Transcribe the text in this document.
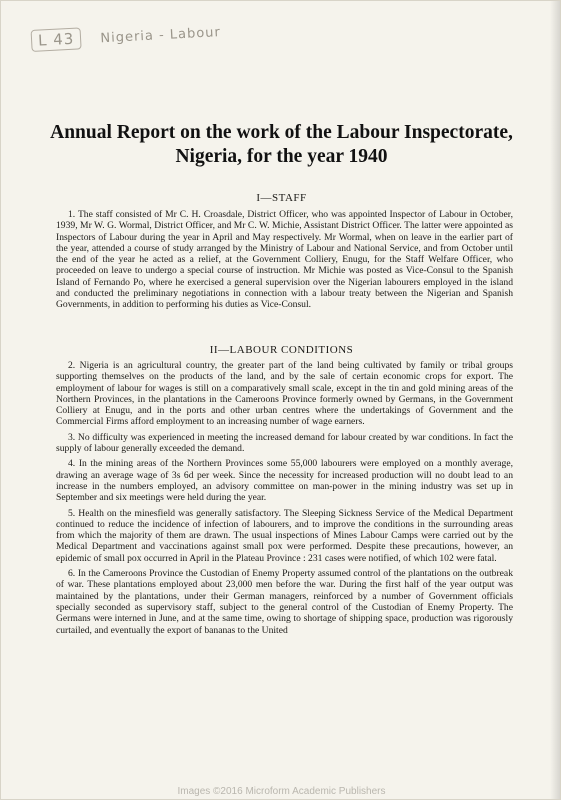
L 43 Nigeria - Labour
Annual Report on the work of the Labour Inspectorate, Nigeria, for the year 1940
I—STAFF

1. The staff consisted of Mr C. H. Croasdale, District Officer, who was appointed Inspector of Labour in October, 1939, Mr W. G. Wormal, District Officer, and Mr C. W. Michie, Assistant District Officer. The latter were appointed as Inspectors of Labour during the year in April and May respectively. Mr Wormal, when on leave in the earlier part of the year, attended a course of study arranged by the Ministry of Labour and National Service, and from October until the end of the year he acted as a relief, at the Government Colliery, Enugu, for the Staff Welfare Officer, who proceeded on leave to undergo a special course of instruction. Mr Michie was posted as Vice-Consul to the Spanish Island of Fernando Po, where he exercised a general supervision over the Nigerian labourers employed in the island and conducted the preliminary negotiations in connection with a labour treaty between the Nigerian and Spanish Governments, in addition to performing his duties as Vice-Consul.

II—LABOUR CONDITIONS

2. Nigeria is an agricultural country, the greater part of the land being cultivated by family or tribal groups supporting themselves on the products of the land, and by the sale of certain economic crops for export. The employment of labour for wages is still on a comparatively small scale, except in the tin and gold mining areas of the Northern Provinces, in the plantations in the Cameroons Province formerly owned by Germans, in the Government Colliery at Enugu, and in the ports and other urban centres where the undertakings of Government and the Commercial Firms afford employment to an increasing number of wage earners.

3. No difficulty was experienced in meeting the increased demand for labour created by war conditions. In fact the supply of labour generally exceeded the demand.

4. In the mining areas of the Northern Provinces some 55,000 labourers were employed on a monthly average, drawing an average wage of 3s 6d per week. Since the necessity for increased production will no doubt lead to an increase in the numbers employed, an advisory committee on man-power in the mining industry was set up in September and six meetings were held during the year.

5. Health on the minesfield was generally satisfactory. The Sleeping Sickness Service of the Medical Department continued to reduce the incidence of infection of labourers, and to improve the conditions in the surrounding areas from which the majority of them are drawn. The usual inspections of Mines Labour Camps were carried out by the Medical Department and vaccinations against small pox were performed. Despite these precautions, however, an epidemic of small pox occurred in April in the Plateau Province : 231 cases were notified, of which 102 were fatal.

6. In the Cameroons Province the Custodian of Enemy Property assumed control of the plantations on the outbreak of war. These plantations employed about 23,000 men before the war. During the first half of the year output was maintained by the plantations, under their German managers, reinforced by a number of Government officials specially seconded as supervisory staff, subject to the general control of the Custodian of Enemy Property. The Germans were interned in June, and at the same time, owing to shortage of shipping space, production was rigorously curtailed, and eventually the export of bananas to the United

Images ©2016 Microform Academic Publishers
